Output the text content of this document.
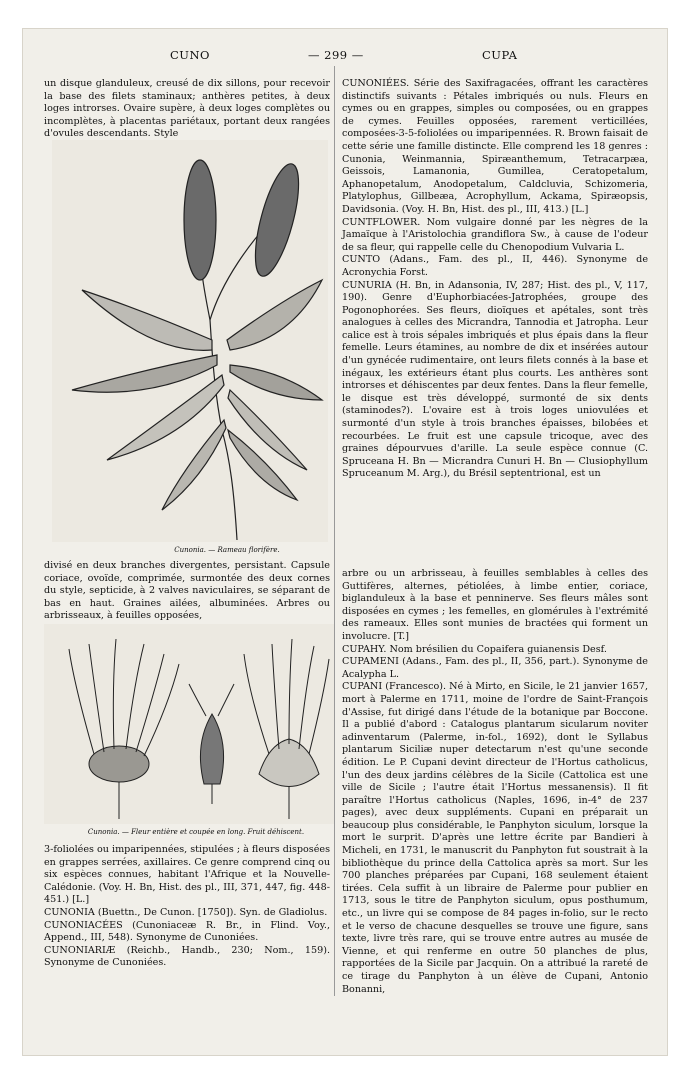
CUNO	— 299 —	CUPA
un disque glanduleux, creusé de dix sillons, pour recevoir la base des filets staminaux; anthères petites, à deux loges introrses. Ovaire supère, à deux loges complètes ou incomplètes, à placentas pariétaux, portant deux rangées d'ovules descendants. Style
Cunonia. — Rameau florifère.
divisé en deux branches divergentes, persistant. Capsule coriace, ovoïde, comprimée, surmontée des deux cornes du style, septicide, à 2 valves naviculaires, se séparant de bas en haut. Graines ailées, albuminées. Arbres ou arbrisseaux, à feuilles opposées,
Cunonia. — Fleur entière et coupée en long. Fruit déhiscent.
3-foliolées ou imparipennées, stipulées ; à fleurs disposées en grappes serrées, axillaires. Ce genre comprend cinq ou six espèces connues, habitant l'Afrique et la Nouvelle-Calédonie. (Voy. H. Bn, Hist. des pl., III, 371, 447, fig. 448-451.) [L.]
CUNONIA (Buettn., De Cunon. [1750]). Syn. de Gladiolus.
CUNONIACÉES (Cunoniaceæ R. Br., in Flind. Voy., Append., III, 548). Synonyme de Cunoniées.
CUNONIARIÆ (Reichb., Handb., 230; Nom., 159). Synonyme de Cunoniées.
CUNONIÉES. Série des Saxifragacées, offrant les caractères distinctifs suivants : Pétales imbriqués ou nuls. Fleurs en cymes ou en grappes, simples ou composées, ou en grappes de cymes. Feuilles opposées, rarement verticillées, composées-3-5-foliolées ou imparipennées. R. Brown faisait de cette série une famille distincte. Elle comprend les 18 genres : Cunonia, Weinmannia, Spiræanthemum, Tetracarpæa, Geissois, Lamanonia, Gumillea, Ceratopetalum, Aphanopetalum, Anodopetalum, Caldcluvia, Schizomeria, Platylophus, Gillbeæa, Acrophyllum, Ackama, Spiræopsis, Davidsonia. (Voy. H. Bn, Hist. des pl., III, 413.) [L.]
CUNTFLOWER. Nom vulgaire donné par les nègres de la Jamaïque à l'Aristolochia grandiflora Sw., à cause de l'odeur de sa fleur, qui rappelle celle du Chenopodium Vulvaria L.
CUNTO (Adans., Fam. des pl., II, 446). Synonyme de Acronychia Forst.
CUNURIA (H. Bn, in Adansonia, IV, 287; Hist. des pl., V, 117, 190). Genre d'Euphorbiacées-Jatrophées, groupe des Pogonophorées. Ses fleurs, dioïques et apétales, sont très analogues à celles des Micrandra, Tannodia et Jatropha. Leur calice est à trois sépales imbriqués et plus épais dans la fleur femelle. Leurs étamines, au nombre de dix et insérées autour d'un gynécée rudimentaire, ont leurs filets connés à la base et inégaux, les extérieurs étant plus courts. Les anthères sont introrses et déhiscentes par deux fentes. Dans la fleur femelle, le disque est très développé, surmonté de six dents (staminodes?). L'ovaire est à trois loges uniovulées et surmonté d'un style à trois branches épaisses, bilobées et recourbées. Le fruit est une capsule tricoque, avec des graines dépourvues d'arille. La seule espèce connue (C. Spruceana H. Bn — Micrandra Cunuri H. Bn — Clusiophyllum Spruceanum M. Arg.), du Brésil septentrional, est un
arbre ou un arbrisseau, à feuilles semblables à celles des Guttifères, alternes, pétiolées, à limbe entier, coriace, biglanduleux à la base et penninerve. Ses fleurs mâles sont disposées en cymes ; les femelles, en glomérules à l'extrémité des rameaux. Elles sont munies de bractées qui forment un involucre. [T.]
CUPAHY. Nom brésilien du Copaifera guianensis Desf.
CUPAMENI (Adans., Fam. des pl., II, 356, part.). Synonyme de Acalypha L.
CUPANI (Francesco). Né à Mirto, en Sicile, le 21 janvier 1657, mort à Palerme en 1711, moine de l'ordre de Saint-François d'Assise, fut dirigé dans l'étude de la botanique par Boccone. Il a publié d'abord : Catalogus plantarum sicularum noviter adinventarum (Palerme, in-fol., 1692), dont le Syllabus plantarum Siciliæ nuper detectarum n'est qu'une seconde édition. Le P. Cupani devint directeur de l'Hortus catholicus, l'un des deux jardins célèbres de la Sicile (Cattolica est une ville de Sicile ; l'autre était l'Hortus messanensis). Il fit paraître l'Hortus catholicus (Naples, 1696, in-4° de 237 pages), avec deux suppléments. Cupani en préparait un beaucoup plus considérable, le Panphyton siculum, lorsque la mort le surprit. D'après une lettre écrite par Bandieri à Micheli, en 1731, le manuscrit du Panphyton fut soustrait à la bibliothèque du prince della Cattolica après sa mort. Sur les 700 planches préparées par Cupani, 168 seulement étaient tirées. Cela suffit à un libraire de Palerme pour publier en 1713, sous le titre de Panphyton siculum, opus posthumum, etc., un livre qui se compose de 84 pages in-folio, sur le recto et le verso de chacune desquelles se trouve une figure, sans texte, livre très rare, qui se trouve entre autres au musée de Vienne, et qui renferme en outre 50 planches de plus, rapportées de la Sicile par Jacquin. On a attribué la rareté de ce tirage du Panphyton à un élève de Cupani, Antonio Bonanni,
